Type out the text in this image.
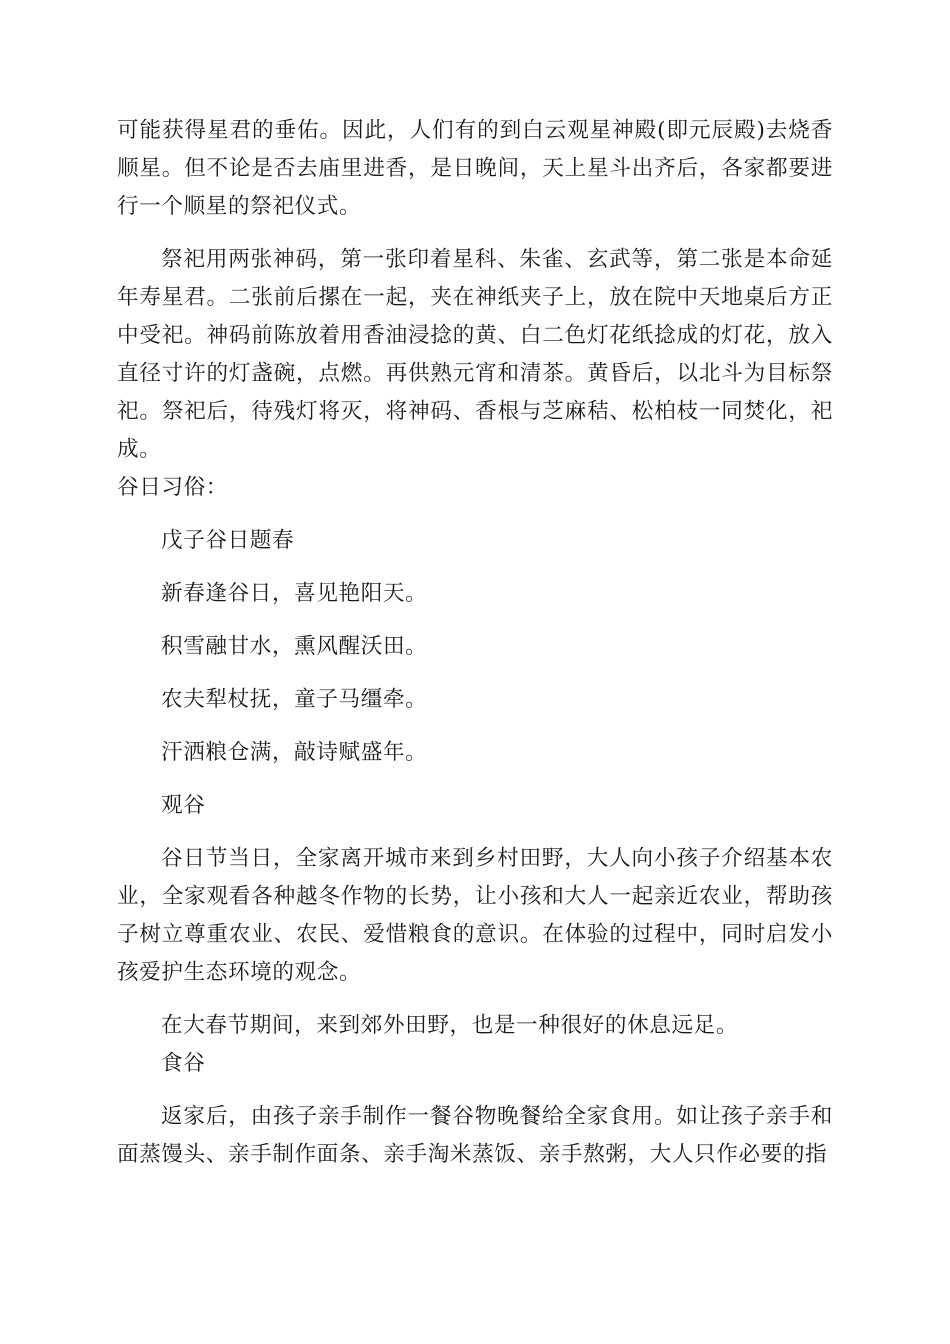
可能获得星君的垂佑。因此，人们有的到白云观星神殿(即元辰殿)去烧香顺星。但不论是否去庙里进香，是日晚间，天上星斗出齐后，各家都要进行一个顺星的祭祀仪式。

祭祀用两张神码，第一张印着星科、朱雀、玄武等，第二张是本命延年寿星君。二张前后摞在一起，夹在神纸夹子上，放在院中天地桌后方正中受祀。神码前陈放着用香油浸捻的黄、白二色灯花纸捻成的灯花，放入直径寸许的灯盏碗，点燃。再供熟元宵和清茶。黄昏后，以北斗为目标祭祀。祭祀后，待残灯将灭，将神码、香根与芝麻秸、松柏枝一同焚化，祀成。

谷日习俗：

戊子谷日题春

新春逢谷日，喜见艳阳天。

积雪融甘水，熏风醒沃田。

农夫犁杖抚，童子马缰牵。

汗洒粮仓满，敲诗赋盛年。

观谷

谷日节当日，全家离开城市来到乡村田野，大人向小孩子介绍基本农业，全家观看各种越冬作物的长势，让小孩和大人一起亲近农业，帮助孩子树立尊重农业、农民、爱惜粮食的意识。在体验的过程中，同时启发小孩爱护生态环境的观念。

在大春节期间，来到郊外田野，也是一种很好的休息远足。

食谷

返家后，由孩子亲手制作一餐谷物晚餐给全家食用。如让孩子亲手和面蒸馒头、亲手制作面条、亲手淘米蒸饭、亲手熬粥，大人只作必要的指
